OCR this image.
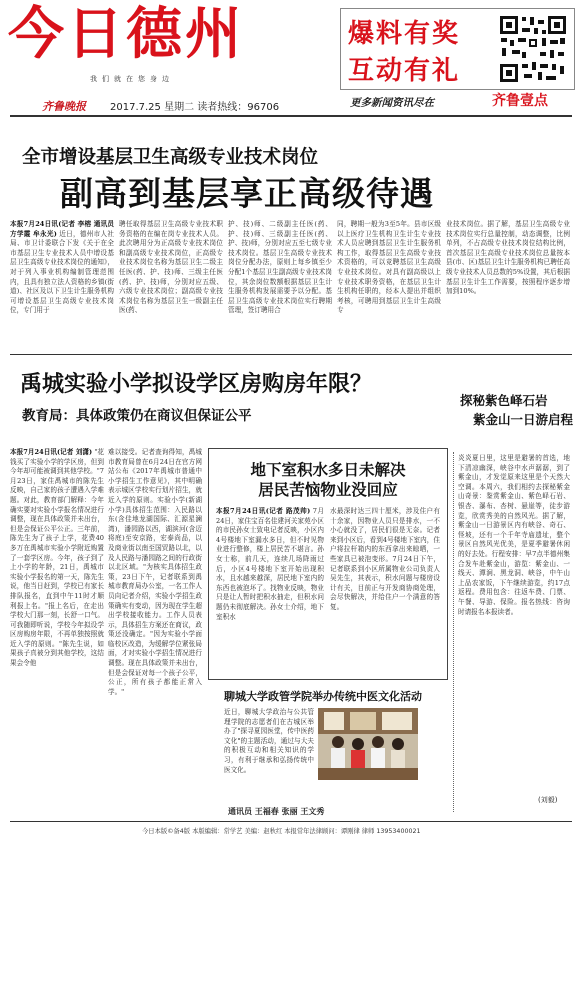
今日德州
我们就在您身边
齐鲁晚报 2017.7.25 星期二 读者热线：96706
爆料有奖
互动有礼
更多新闻资讯尽在	齐鲁壹点
全市增设基层卫生高级专业技术岗位
副高到基层享正高级待遇
本报7月24日讯(记者 李榕 通讯员 方学霞 牟永光) 近日，德州市人社局、市卫计委联合下发《关于在全市基层卫生专业技术人员中增设基层卫生高级专业技术岗位的通知》，对于列入事业机构编制管理范围内，且具有独立法人资格的乡镇(街道)、社区及以下卫生计生服务机构可增设基层卫生高级专业技术岗位，专门用于
聘任取得基层卫生高级专业技术职务资格的在编在岗专业技术人员。此次聘用分为正高级专业技术岗位和副高级专业技术岗位，正高级专业技术岗位名称为基层卫生二级主任医(药、护、技)师、三级主任医(药、护、技)师，分别对应五级、六级专业技术岗位；副高级专业技术岗位名称为基层卫生一级副主任医(药、
护、技)师、二级副主任医(药、护、技)师、三级副主任医(药、护、技)师，分别对应五至七级专业技术岗位。基层卫生高级专业技术岗位分配办法，原则上每乡镇至少分配1个基层卫生副高级专业技术岗位，其余岗位数额根据基层卫生计生服务机构发展需要予以分配。基层卫生高级专业技术岗位实行聘期管理，签订聘用合
同，聘期一般为3至5年。县市区级以上医疗卫生机构卫生计生专业技术人员应聘到基层卫生计生服务机构工作，取得基层卫生高级专业技术资格的，可以竞聘基层卫生高级专业技术岗位。对具有副高级以上专业技术职务资格，在基层卫生计生机构任职的，经本人提出并组织考核，可聘用到基层卫生计生高级专
业技术岗位。据了解，基层卫生高级专业技术岗位实行总量控制，动态调整，比例单列，不占高级专业技术岗位结构比例，首次基层卫生高级专业技术岗位总量按本县(市、区)基层卫生计生服务机构已聘任高级专业技术人员总数的5%设置，其后根据基层卫生计生工作需要，按照程序逐步增加到10%。
禹城实验小学拟设学区房购房年限？
教育局：具体政策仍在商议但保证公平
本报7月24日讯(记者 刘潇) "花钱买了实验小学的学区房，但到今年却可能被调到其他学校。"7月23日，家住禹城市的陈先生反映，自己家的孩子遭遇入学难题。对此，教育部门解释：今年确实要对实验小学报名情况进行调整，现在具体政策并未出台，但是会保证公平公正。三年前，陈先生为了孩子上学，花费40多万在禹城市实验小学附近购置了一套学区房。今年，孩子到了上小学的年龄，21日，禹城市实验小学报名的第一天，陈先生说，他当日赶到，学校已有家长排队报名，直到中午11时才顺利报上名。"报上名后，在走出学校大门那一刻，长舒一口气。可我随即听说，学校今年拟设学区房购房年限，不再单独按照就近入学的原则。"陈先生说，如果孩子真被分到其他学校，这结果会令他
难以接受。记者查询得知，禹城市教育局曾在6月24日在官方网站公布《2017年禹城市普通中小学招生工作意见》，其中明确表示城区学校实行划片招生，就近入学的原则。实验小学(新湖小学)具体招生范围：入民路以东(含佳地龙湖国际、汇源星澜湾)，潘园路以西，湖滨河(含迈将庭)至安京路，宏泰尚品，以及商业街以南至国贸路以北，以及人民路与潘园路之间的行政街以北区域。"为核实具体招生政策，23日下午，记者联系到禹城市教育局办公室，一名工作人员向记者介绍，实验小学招生政策确实有变动，因为现在学生超出学校接收能力。工作人员表示，具体招生方案还在商议，政策还没确定。"因为实验小学面临校区改造，为缓解学位紧张局面，才对实验小学招生情况进行调整。现在具体政策并未出台，但是会保证对每一个孩子公平，公正，所有孩子都能正常入学。"
地下室积水多日未解决
居民苦恼物业没回应
本报7月24日讯(记者 路茂帅) 7月24日，家住宝百名佳建河关家苑小区的市民孙女士致电记者反映，小区内4号楼地下室漏水多日，但不时见物业进行整修，楼上居民苦不堪言。孙女士称，前几天，连续几场降雨过后，小区4号楼地下室开始出现积水，且水越来越深，居民地下室内的东西也被泡坏了。找物业反映，物业只是让人暂时把积水抽走，但积水问题仍未彻底解决。孙女士介绍，地下室积水
水最深时达三四十厘米，涉及住户有十余家，因物业人员只是排水，一不小心就没了，居民们很是无奈。记者来到小区后，看到4号楼地下室内，住户将拉杆箱内的东西拿出来晾晒，一些家具已被泡变形。7月24日下午，记者联系到小区所属物业公司负责人吴先生，其表示，积水问题与楼房设计有关，目前正与开发商协商处理，会尽快解决，并给住户一个满意的答复。
聊城大学政管学院举办传统中医文化活动
近日，聊城大学政治与公共管理学院的志愿者们在古城区举办了"探寻夏园医堂，传中医药文化"的主题活动，通过与大夫的积极互动和相关知识的学习，有利于继承和弘扬传统中医文化。
通讯员 王福春 张丽 王文秀
探秘紫色峄石岩
紫金山一日游启程
炎炎夏日里，这里是避暑的首选，地下清凉幽深，峡谷中水声潺潺，到了紫金山，才发觉原来这里是个天然大空调。本周六，我们相约去探秘紫金山奇景：鉴赏紫金山、紫色峄石岩、银杏、瀑布、杏树、悬崖等，徒步游览，欣赏秀美的自然风光。据了解，紫金山一日游景区内有峡谷、奇石、怪坡，还有一个千年寺庙遗址，整个景区自然风光优美，是夏季避暑休闲的好去处。行程安排：早7点半德州集合发车赴紫金山，游览：紫金山、一线天、潭涧、黑龙洞、峡谷，中午山上品农家饭，下午继续游览，约17点返程。费用包含：往返车费、门票、午餐、导游、保险。报名热线：咨询时请报名本报读者。
(刘毅)
今日本版©备4版 本版编辑：常学艺 美编：赵秋红 本报常年法律顾问：谭刚律 律师 13953400021
